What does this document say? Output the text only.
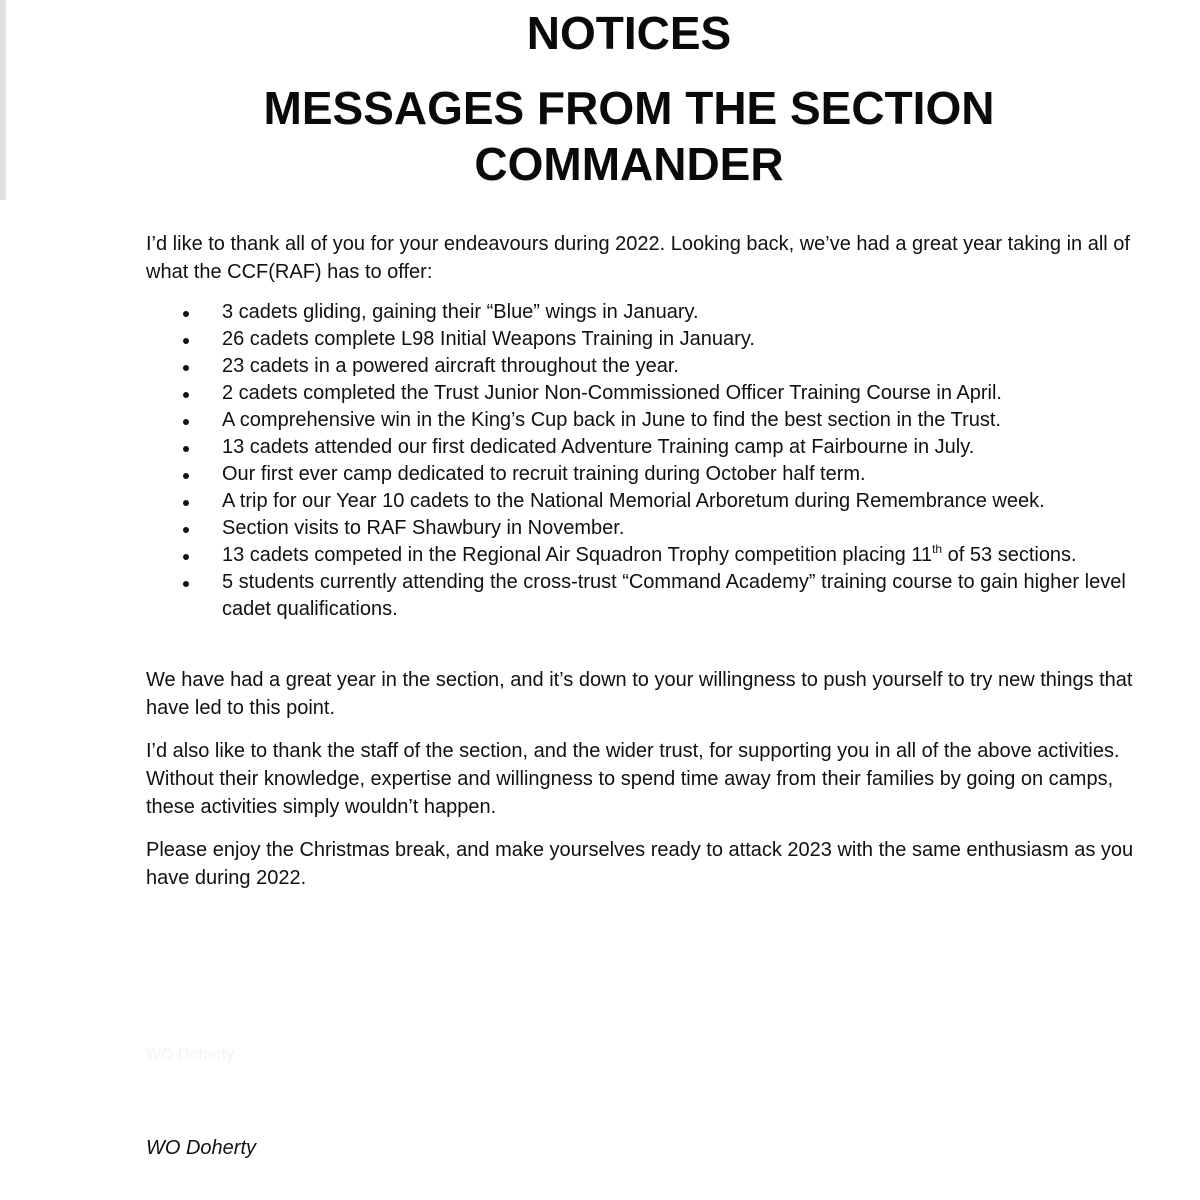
NOTICES
MESSAGES FROM THE SECTION
COMMANDER

I’d like to thank all of you for your endeavours during 2022. Looking back, we’ve had a great year taking in all of what the CCF(RAF) has to offer:

3 cadets gliding, gaining their “Blue” wings in January.
26 cadets complete L98 Initial Weapons Training in January.
23 cadets in a powered aircraft throughout the year.
2 cadets completed the Trust Junior Non-Commissioned Officer Training Course in April.
A comprehensive win in the King’s Cup back in June to find the best section in the Trust.
13 cadets attended our first dedicated Adventure Training camp at Fairbourne in July.
Our first ever camp dedicated to recruit training during October half term.
A trip for our Year 10 cadets to the National Memorial Arboretum during Remembrance week.
Section visits to RAF Shawbury in November.
13 cadets competed in the Regional Air Squadron Trophy competition placing 11th of 53 sections.
5 students currently attending the cross-trust “Command Academy” training course to gain higher level cadet qualifications.

We have had a great year in the section, and it’s down to your willingness to push yourself to try new things that have led to this point.

I’d also like to thank the staff of the section, and the wider trust, for supporting you in all of the above activities. Without their knowledge, expertise and willingness to spend time away from their families by going on camps, these activities simply wouldn’t happen.

Please enjoy the Christmas break, and make yourselves ready to attack 2023 with the same enthusiasm as you have during 2022.

WO Doherty
WO Doherty
